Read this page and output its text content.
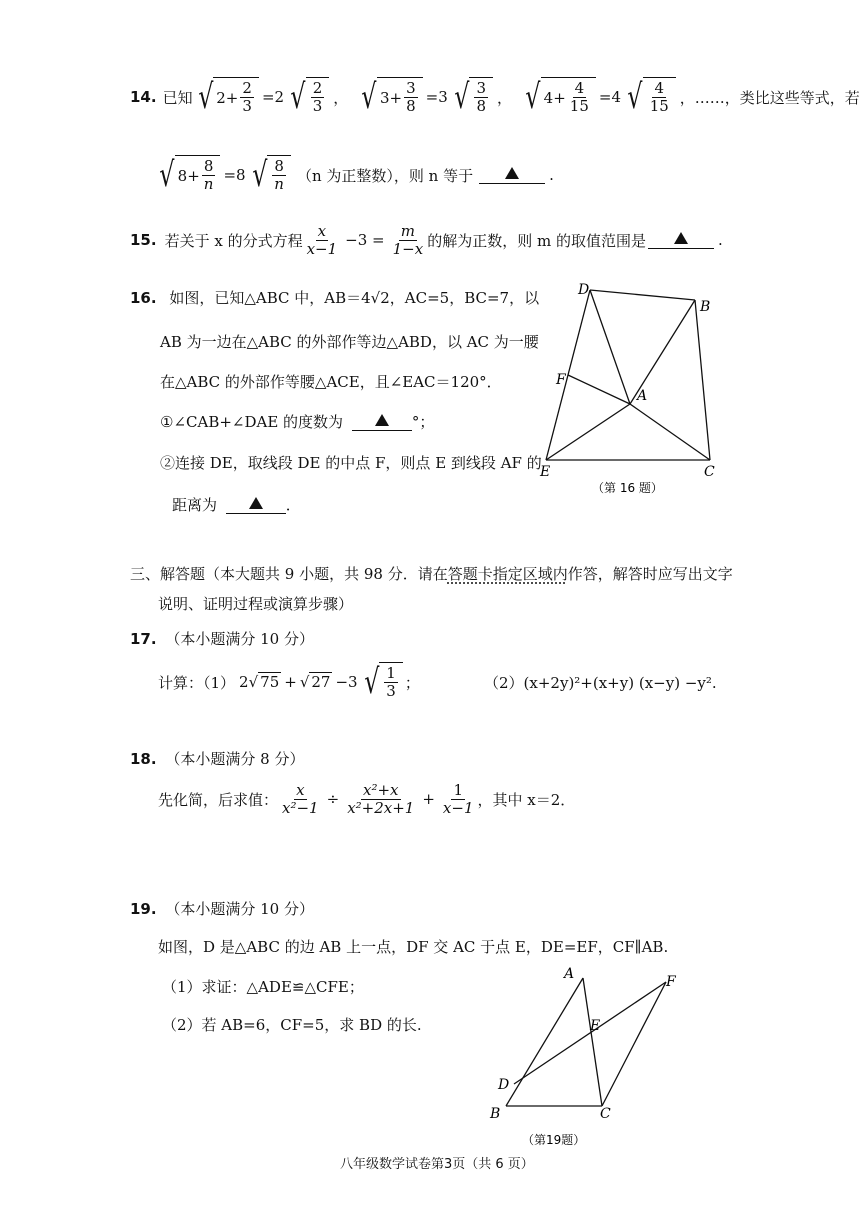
14. 已知 √ $2+ \frac{2}{3} =2$ √ $\frac{2}{3}$ ， √ $3+ \frac{3}{8} =3$ √ $\frac{3}{8}$ ， √ $4+ \frac{4}{15} =4$ √ $\frac{4}{15}$ ，……，类比这些等式，若
√ $8+ \frac{8}{n} =8$ √ $\frac{8}{n} (n$ 为正整数），则 n 等于	.
15. 若关于 x 的分式方程 $\frac{x}{x-1} -3 = \frac{m}{1-x}$ 的解为正数，则 m 的取值范围是	.
16. 如图，已知△ABC 中，AB＝4√2，AC=5，BC=7，以
AB 为一边在△ABC 的外部作等边△ABD，以 AC 为一腰
在△ABC 的外部作等腰△ACE，且∠EAC＝120°．
①∠CAB+∠DAE 的度数为	°；
②连接 DE，取线段 DE 的中点 F，则点 E 到线段 AF 的
距离为	．
D
B
F
A
E	C
（第 16 题）
三、解答题（本大题共 9 小题，共 98 分．请在答题卡指定区域内作答，解答时应写出文字
说明、证明过程或演算步骤）
17. （本小题满分 10 分）
计算：（1） 2 √ 75 + √ 27 −3 √ $\frac{1}{3}$ ；	（2）(x+2y)²+(x+y) (x−y) −y².
18. （本小题满分 8 分）
先化简，后求值： $\frac{x}{\text{x²−1}} \div \frac{\text{x²+x}}{\text{x²+2x+1}} + \frac{1}{x-1}$ ，其中 x＝2．
19. （本小题满分 10 分）
如图，D 是△ABC 的边 AB 上一点，DF 交 AC 于点 E，DE=EF，CF∥AB.
（1）求证：△ADE≌△CFE；
（2）若 AB=6，CF=5，求 BD 的长.
A	F
E
D
B	C
（第19题）
八年级数学试卷第3页（共 6 页）
